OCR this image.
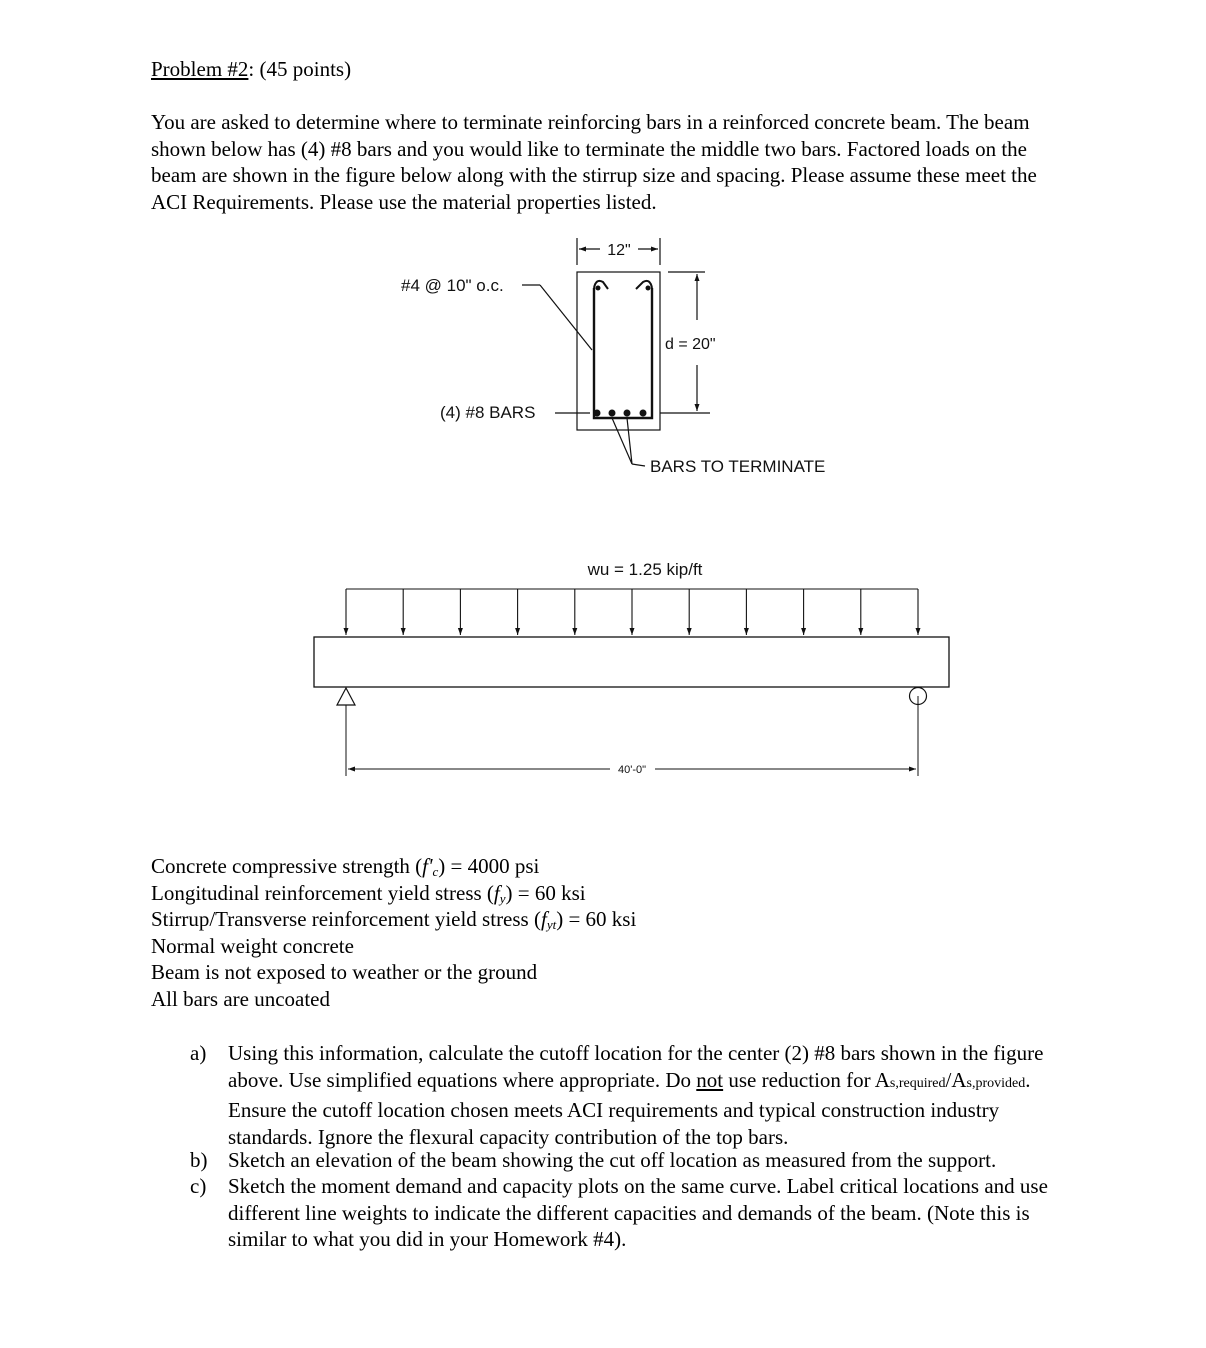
Problem #2: (45 points)
You are asked to determine where to terminate reinforcing bars in a reinforced concrete beam. The beam
shown below has (4) #8 bars and you would like to terminate the middle two bars. Factored loads on the
beam are shown in the figure below along with the stirrup size and spacing. Please assume these meet the
ACI Requirements. Please use the material properties listed.
12"
#4 @ 10" o.c.
d = 20"
(4) #8 BARS
BARS TO TERMINATE
wu = 1.25 kip/ft
40'-0"
Concrete compressive strength $(f'_c) = 4000$ psi
Longitudinal reinforcement yield stress $(f_y) = 60$ ksi
Stirrup/Transverse reinforcement yield stress $(f_{yt}) = 60$ ksi
Normal weight concrete
Beam is not exposed to weather or the ground
All bars are uncoated
a) Using this information, calculate the cutoff location for the center (2) #8 bars shown in the figure
above. Use simplified equations where appropriate. Do not use reduction for As,required/As,provided.
Ensure the cutoff location chosen meets ACI requirements and typical construction industry
standards. Ignore the flexural capacity contribution of the top bars.
b) Sketch an elevation of the beam showing the cut off location as measured from the support.
c) Sketch the moment demand and capacity plots on the same curve. Label critical locations and use
different line weights to indicate the different capacities and demands of the beam. (Note this is
similar to what you did in your Homework #4).
